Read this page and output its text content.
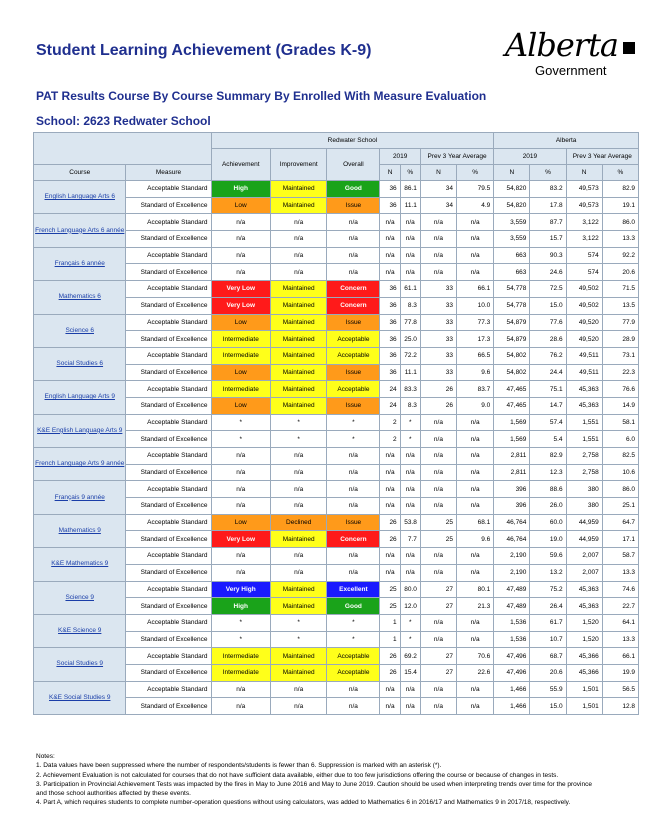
Student Learning Achievement (Grades K-9)	Alberta
Government
PAT Results Course By Course Summary By Enrolled With Measure Evaluation
School: 2623 Redwater School
		Redwater School							Alberta			
		Achievement	Improvement	Overall	2019		Prev 3 Year Average		2019		Prev 3 Year Average	
Course	Measure				N	%	N	%	N	%	N	%
English Language Arts 6	Acceptable Standard	High	Maintained	Good	36	86.1	34	79.5	54,820	83.2	49,573	82.9
	Standard of Excellence	Low	Maintained	Issue	36	11.1	34	4.9	54,820	17.8	49,573	19.1
French Language Arts 6 année	Acceptable Standard	n/a	n/a	n/a	n/a	n/a	n/a	n/a	3,559	87.7	3,122	86.0
	Standard of Excellence	n/a	n/a	n/a	n/a	n/a	n/a	n/a	3,559	15.7	3,122	13.3
Français 6 année	Acceptable Standard	n/a	n/a	n/a	n/a	n/a	n/a	n/a	663	90.3	574	92.2
	Standard of Excellence	n/a	n/a	n/a	n/a	n/a	n/a	n/a	663	24.6	574	20.6
Mathematics 6	Acceptable Standard	Very Low	Maintained	Concern	36	61.1	33	66.1	54,778	72.5	49,502	71.5
	Standard of Excellence	Very Low	Maintained	Concern	36	8.3	33	10.0	54,778	15.0	49,502	13.5
Science 6	Acceptable Standard	Low	Maintained	Issue	36	77.8	33	77.3	54,879	77.6	49,520	77.9
	Standard of Excellence	Intermediate	Maintained	Acceptable	36	25.0	33	17.3	54,879	28.6	49,520	28.9
Social Studies 6	Acceptable Standard	Intermediate	Maintained	Acceptable	36	72.2	33	66.5	54,802	76.2	49,511	73.1
	Standard of Excellence	Low	Maintained	Issue	36	11.1	33	9.6	54,802	24.4	49,511	22.3
English Language Arts 9	Acceptable Standard	Intermediate	Maintained	Acceptable	24	83.3	26	83.7	47,465	75.1	45,363	76.6
	Standard of Excellence	Low	Maintained	Issue	24	8.3	26	9.0	47,465	14.7	45,363	14.9
K&E English Language Arts 9	Acceptable Standard	*	*	*	2	*	n/a	n/a	1,569	57.4	1,551	58.1
	Standard of Excellence	*	*	*	2	*	n/a	n/a	1,569	5.4	1,551	6.0
French Language Arts 9 année	Acceptable Standard	n/a	n/a	n/a	n/a	n/a	n/a	n/a	2,811	82.9	2,758	82.5
	Standard of Excellence	n/a	n/a	n/a	n/a	n/a	n/a	n/a	2,811	12.3	2,758	10.6
Français 9 année	Acceptable Standard	n/a	n/a	n/a	n/a	n/a	n/a	n/a	396	88.6	380	86.0
	Standard of Excellence	n/a	n/a	n/a	n/a	n/a	n/a	n/a	396	26.0	380	25.1
Mathematics 9	Acceptable Standard	Low	Declined	Issue	26	53.8	25	68.1	46,764	60.0	44,959	64.7
	Standard of Excellence	Very Low	Maintained	Concern	26	7.7	25	9.6	46,764	19.0	44,959	17.1
K&E Mathematics 9	Acceptable Standard	n/a	n/a	n/a	n/a	n/a	n/a	n/a	2,190	59.6	2,007	58.7
	Standard of Excellence	n/a	n/a	n/a	n/a	n/a	n/a	n/a	2,190	13.2	2,007	13.3
Science 9	Acceptable Standard	Very High	Maintained	Excellent	25	80.0	27	80.1	47,489	75.2	45,363	74.6
	Standard of Excellence	High	Maintained	Good	25	12.0	27	21.3	47,489	26.4	45,363	22.7
K&E Science 9	Acceptable Standard	*	*	*	1	*	n/a	n/a	1,536	61.7	1,520	64.1
	Standard of Excellence	*	*	*	1	*	n/a	n/a	1,536	10.7	1,520	13.3
Social Studies 9	Acceptable Standard	Intermediate	Maintained	Acceptable	26	69.2	27	70.6	47,496	68.7	45,366	66.1
	Standard of Excellence	Intermediate	Maintained	Acceptable	26	15.4	27	22.6	47,496	20.6	45,366	19.9
K&E Social Studies 9	Acceptable Standard	n/a	n/a	n/a	n/a	n/a	n/a	n/a	1,466	55.9	1,501	56.5
	Standard of Excellence	n/a	n/a	n/a	n/a	n/a	n/a	n/a	1,466	15.0	1,501	12.8
Notes:
1. Data values have been suppressed where the number of respondents/students is fewer than 6. Suppression is marked with an asterisk (*).
2. Achievement Evaluation is not calculated for courses that do not have sufficient data available, either due to too few jurisdictions offering the course or because of changes in tests.
3. Participation in Provincial Achievement Tests was impacted by the fires in May to June 2016 and May to June 2019. Caution should be used when interpreting trends over time for the province
and those school authorities affected by these events.
4. Part A, which requires students to complete number-operation questions without using calculators, was added to Mathematics 6 in 2016/17 and Mathematics 9 in 2017/18, respectively.
